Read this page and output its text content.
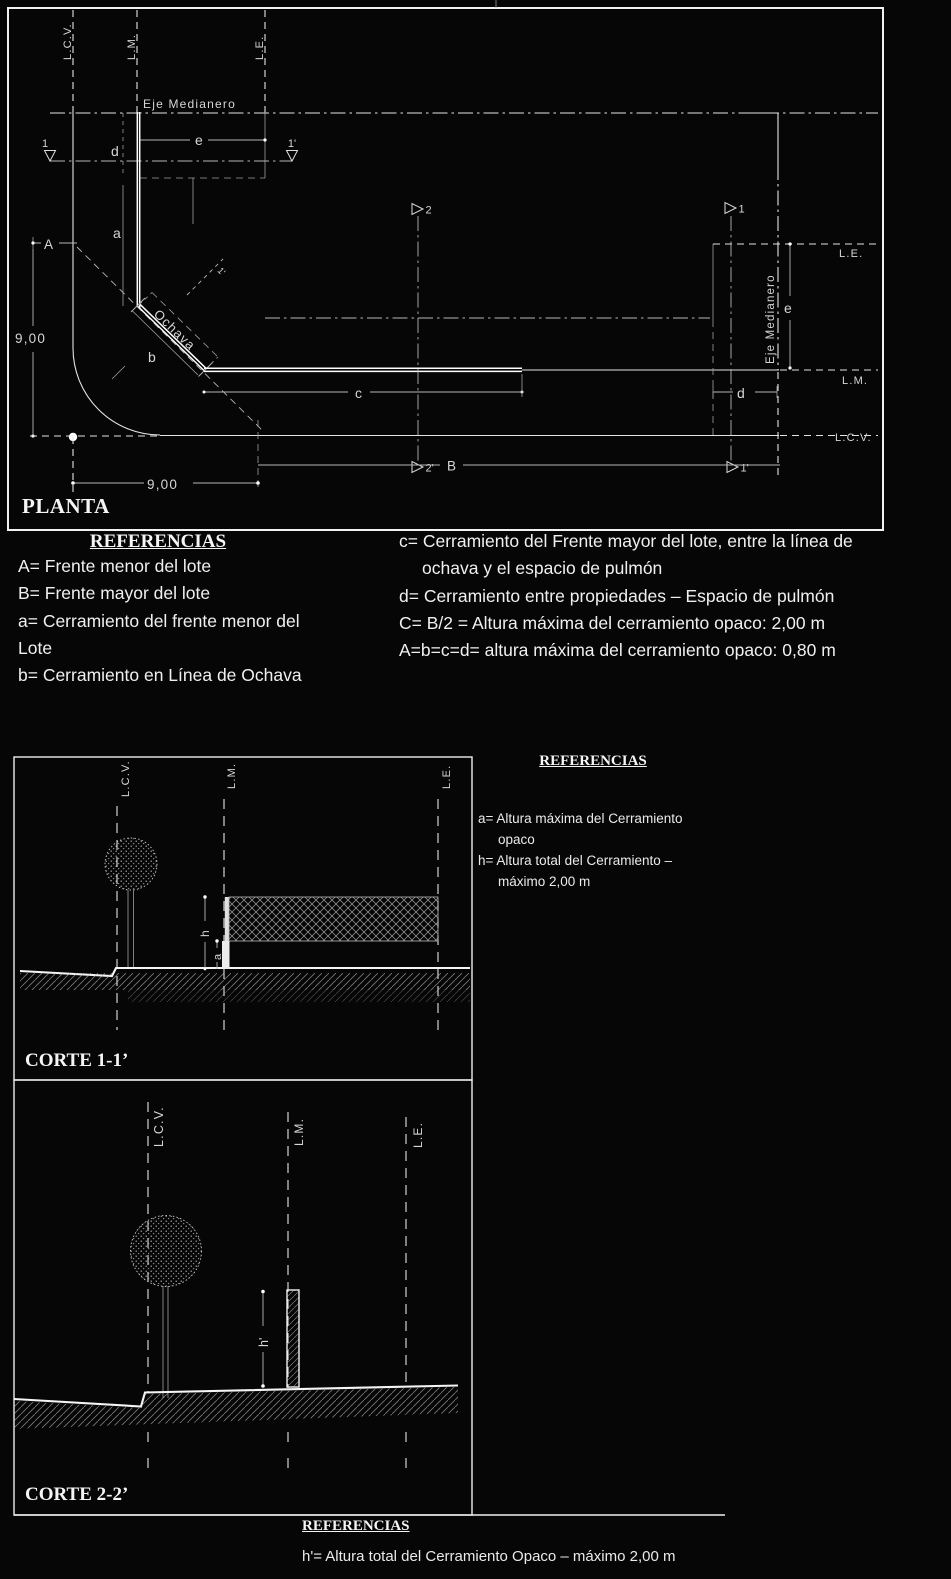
L.C.V.	L.M.	L.E.
Eje Medianero
1	1'
e
d
a
A
9,00
b
1'
Ochava
c	d
e
Eje Medianero
2
2'
1
1'
B
9,00
L.E.
L.M.
L.C.V.
L.C.V.	L.M.	L.E.
h
a
L.C.V.	L.M.	L.E.
h'
PLANTA
REFERENCIAS
A= Frente menor del lote
B= Frente mayor del lote
a= Cerramiento del frente menor del Lote
b= Cerramiento en Línea de Ochava
c= Cerramiento del Frente mayor del lote, entre la línea de ochava y el espacio de pulmón
d= Cerramiento entre propiedades – Espacio de pulmón
C= B/2 = Altura máxima del cerramiento opaco: 2,00 m
A=b=c=d= altura máxima del cerramiento opaco: 0,80 m
CORTE 1-1’
REFERENCIAS
a= Altura máxima del Cerramiento opaco
h= Altura total del Cerramiento – máximo 2,00 m
CORTE 2-2’
REFERENCIAS
h'= Altura total del Cerramiento Opaco – máximo 2,00 m
